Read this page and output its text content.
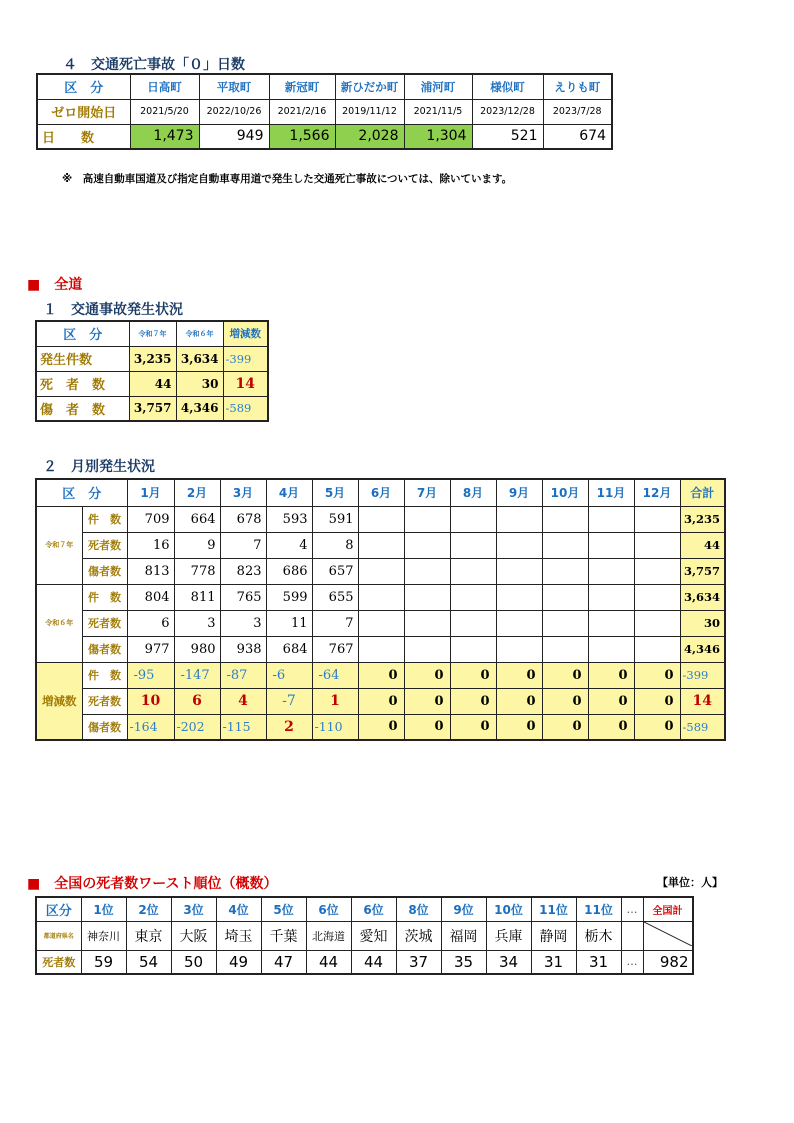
４　交通死亡事故「０」日数
区　分	日高町	平取町	新冠町	新ひだか町	浦河町	様似町	えりも町
ゼロ開始日	2021/5/20	2022/10/26	2021/2/16	2019/11/12	2021/11/5	2023/12/28	2023/7/28
日　　数	1,473	949	1,566	2,028	1,304	521	674
※　高速自動車国道及び指定自動車専用道で発生した交通死亡事故については、除いています。
■ 全道
１　交通事故発生状況
区　分	令和７年	令和６年	増減数
発生件数	3,235	3,634	-399
死　者　数	44	30	14
傷　者　数	3,757	4,346	-589
２　月別発生状況
区　分		1月	2月	3月	4月	5月	6月	7月	8月	9月	10月	11月	12月	合計
令和７年	件　数	709	664	678	593	591								3,235
	死者数	16	9	7	4	8								44
	傷者数	813	778	823	686	657								3,757
令和６年	件　数	804	811	765	599	655								3,634
	死者数	6	3	3	11	7								30
	傷者数	977	980	938	684	767								4,346
増減数	件　数	-95	-147	-87	-6	-64	0	0	0	0	0	0	0	-399
	死者数	10	6	4	-7	1	0	0	0	0	0	0	0	14
	傷者数	-164	-202	-115	2	-110	0	0	0	0	0	0	0	-589
■ 全国の死者数ワースト順位（概数）	【単位：人】
区分	1位	2位	3位	4位	5位	6位	6位	8位	9位	10位	11位	11位	…	全国計
都道府県名	神奈川	東京	大阪	埼玉	千葉	北海道	愛知	茨城	福岡	兵庫	静岡	栃木		
死者数	59	54	50	49	47	44	44	37	35	34	31	31	…	982
